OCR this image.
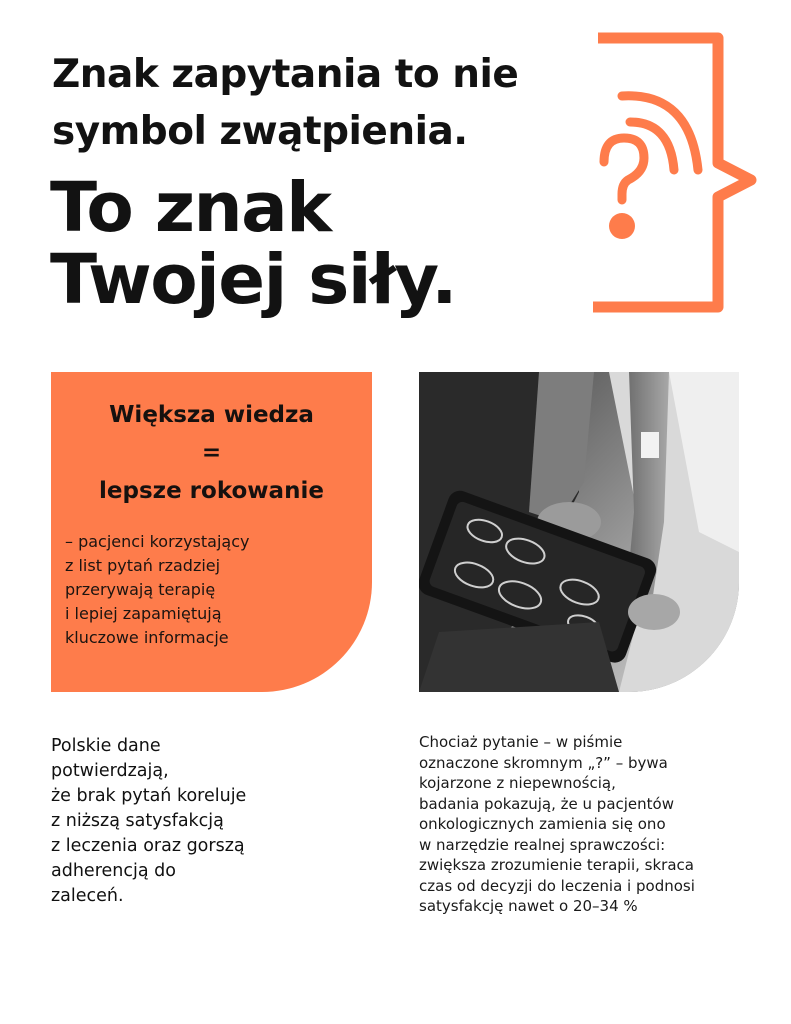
Znak zapytania to nie
symbol zwątpienia.
To znak
Twojej siły.
Większa wiedza
=
lepsze rokowanie
– pacjenci korzystający
z list pytań rzadziej
przerywają terapię
i lepiej zapamiętują
kluczowe informacje
Polskie dane
potwierdzają,
że brak pytań koreluje
z niższą satysfakcją
z leczenia oraz gorszą
adherencją do
zaleceń.
Chociaż pytanie – w piśmie
oznaczone skromnym „?” – bywa
kojarzone z niepewnością,
badania pokazują, że u pacjentów
onkologicznych zamienia się ono
w narzędzie realnej sprawczości:
zwiększa zrozumienie terapii, skraca
czas od decyzji do leczenia i podnosi
satysfakcję nawet o 20–34 %
